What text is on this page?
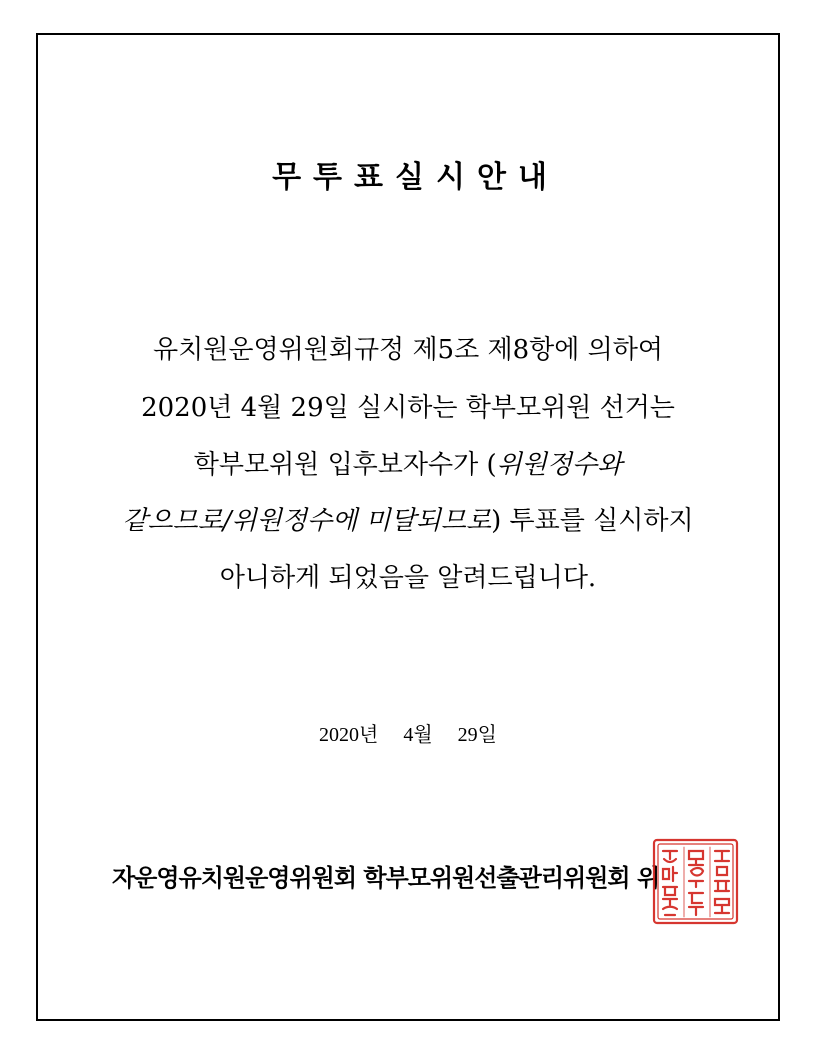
무투표실시안내
유치원운영위원회규정 제5조 제8항에 의하여
2020년 4월 29일 실시하는 학부모위원 선거는
학부모위원 입후보자수가 (위원정수와
같으므로/위원정수에 미달되므로) 투표를 실시하지
아니하게 되었음을 알려드립니다.
2020년 4월 29일
자운영유치원운영위원회 학부모위원선출관리위원회 위
